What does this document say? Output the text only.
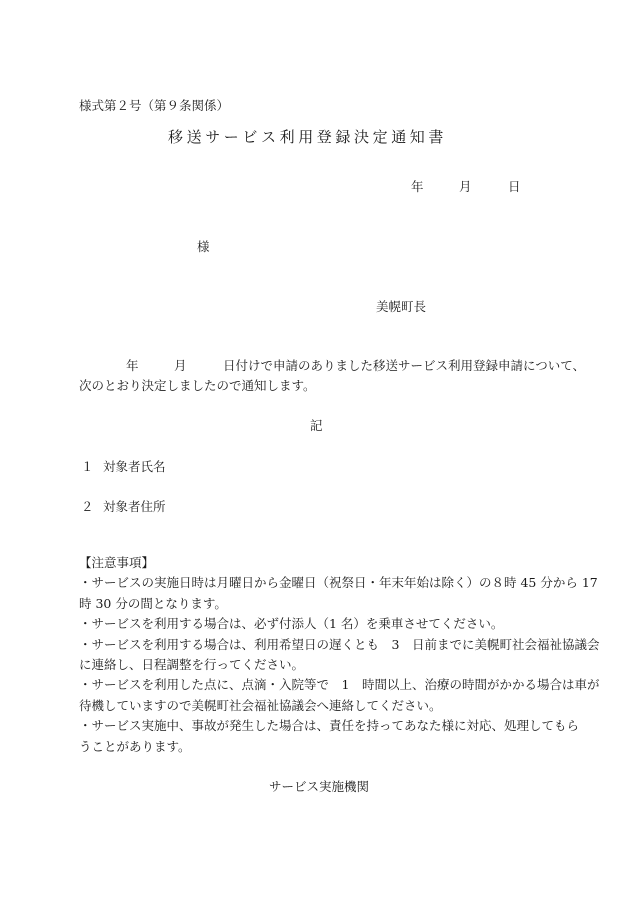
様式第２号（第９条関係）
移送サービス利用登録決定通知書
年	月	日
様
美幌町長
年	月	日付けで申請のありました移送サービス利用登録申請について、
次のとおり決定しましたので通知します。
記
１ 対象者氏名
２ 対象者住所
【注意事項】
・サービスの実施日時は月曜日から金曜日（祝祭日・年末年始は除く）の８時 45 分から 17
時 30 分の間となります。
・サービスを利用する場合は、必ず付添人（1 名）を乗車させてください。
・サービスを利用する場合は、利用希望日の遅くとも　3　日前までに美幌町社会福祉協議会
に連絡し、日程調整を行ってください。
・サービスを利用した点に、点滴・入院等で　1　時間以上、治療の時間がかかる場合は車が
待機していますので美幌町社会福祉協議会へ連絡してください。
・サービス実施中、事故が発生した場合は、責任を持ってあなた様に対応、処理してもら
うことがあります。
サービス実施機関
